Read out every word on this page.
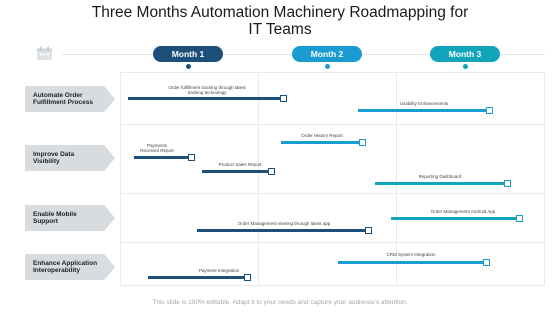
Three Months Automation Machinery Roadmapping for
IT Teams
Month 1	Month 2	Month 3
Automate Order
Fulfillment Process
Improve Data
Visibility
Enable Mobile
Support
Enhance Application
Interoperability
Order fulfillment tracking through latest
tracking technology
Usability Enhancements
Payments
Received Report
Order History Report
Product Sales Report
Reporting Dashboard
Order Management Android App
Order Management viewing through latest app
CRM System Integration
Payment Integration
This slide is 100% editable. Adapt it to your needs and capture your audience's attention.
